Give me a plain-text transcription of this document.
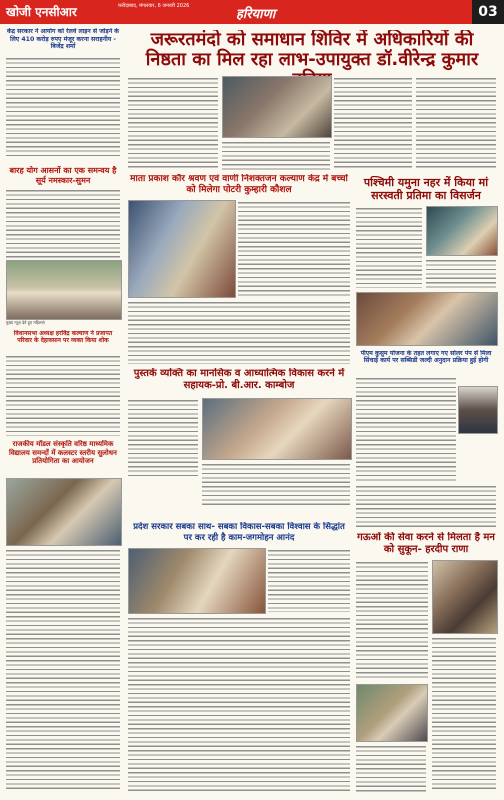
खोजी एनसीआर	फरीदाबाद, मंगलवार, 6 जनवरी 2026
हरियाणा	03
केंद्र सरकार ने आयोग को रेलवे लाइन से जोड़ने के लिए 410 करोड़ रुपए मंजूर करना सराहनीय - बिजेंद्र शर्मा	जरूरतमंदो को समाधान शिविर में अधिकारियों की निष्ठता का मिल रहा लाभ-उपायुक्त डॉ.वीरेन्द्र कुमार
बारह योग आसनों का एक समन्वय है सूर्य नमस्कार-सुमन
मुख्य न्यूज़ देते हुए महिलाएं
माता प्रकाश कौर श्रवण एवं वाणी निशक्तजन कल्याण केंद्र में बच्चों को मिलेगा पोटरी कुम्हारी कौशल
पश्चिमी यमुना नहर में किया मां सरस्वती प्रतिमा का विसर्जन
विधानसभा अध्यक्ष हरविंद्र कल्याण ने प्रजापत परिवार के देहावसान पर व्यक्त किया शोक
पुस्तकें व्यक्ति का मानसिक व आध्यात्मिक विकास करने में सहायक-प्रो. बी.आर. काम्बोज
पीएम कुसुम योजना के तहत लगाए गए सोलर पंप से मिला सिंचाई कार्य पर सब्सिडी जल्दी अनुदान प्रक्रिया हुई होगी
राजकीय मॉडल संस्कृति वरिष्ठ माध्यमिक विद्यालय समन्दों में कलस्टर स्तरीय सुलोधन प्रतियोगिता का आयोजन
प्रदेश सरकार सबका साथ- सबका विकास-सबका विश्वास के सिद्धांत पर कर रही है काम-जगमोहन आनंद	गऊओं की सेवा करने से मिलता है मन को सुकून- हरदीप राणा
